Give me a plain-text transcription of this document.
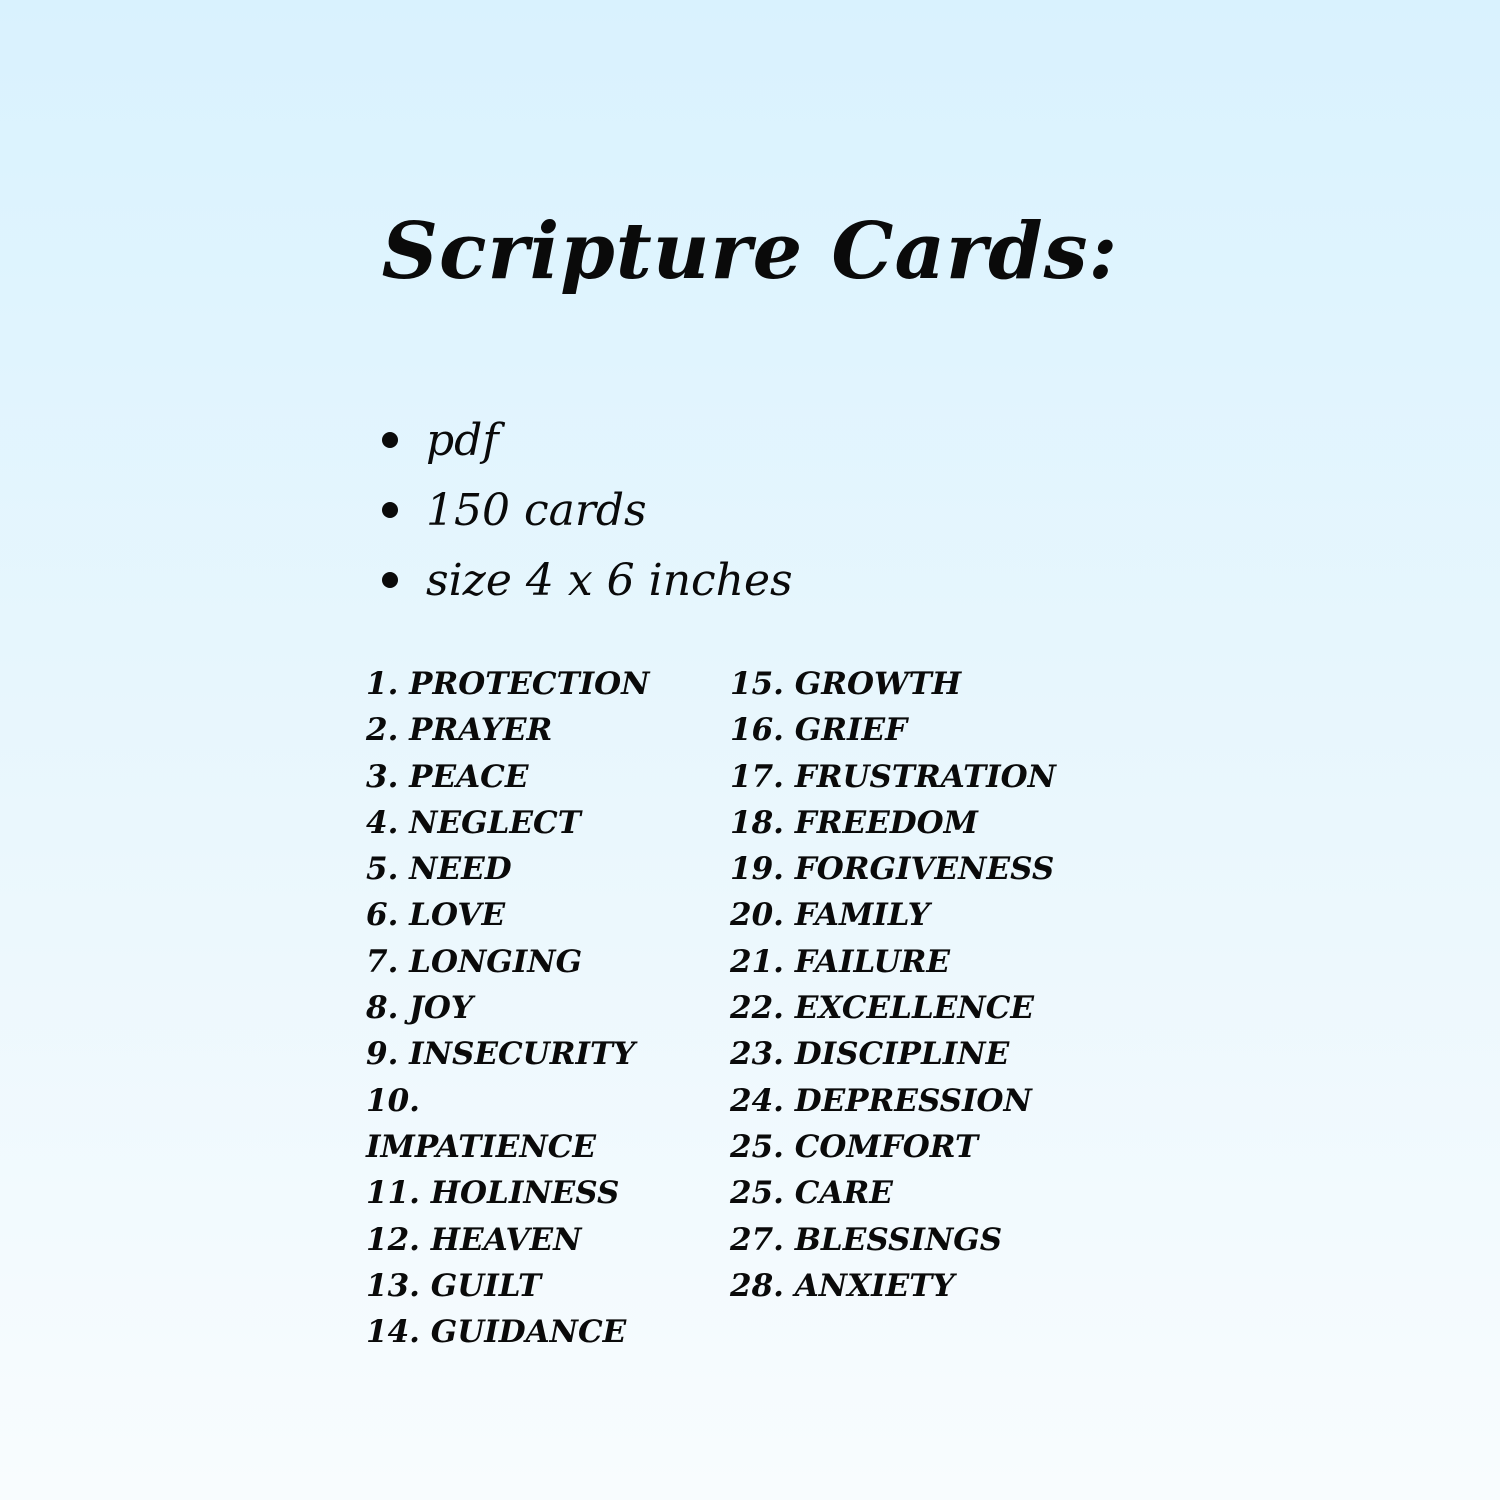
Scripture Cards:
pdf
150 cards
size 4 x 6 inches
1. PROTECTION
2. PRAYER
3. PEACE
4. NEGLECT
5. NEED
6. LOVE
7. LONGING
8. JOY
9. INSECURITY
10. IMPATIENCE
11. HOLINESS
12. HEAVEN
13. GUILT
14. GUIDANCE
15. GROWTH
16. GRIEF
17. FRUSTRATION
18. FREEDOM
19. FORGIVENESS
20. FAMILY
21. FAILURE
22. EXCELLENCE
23. DISCIPLINE
24. DEPRESSION
25. COMFORT
25. CARE
27. BLESSINGS
28. ANXIETY
